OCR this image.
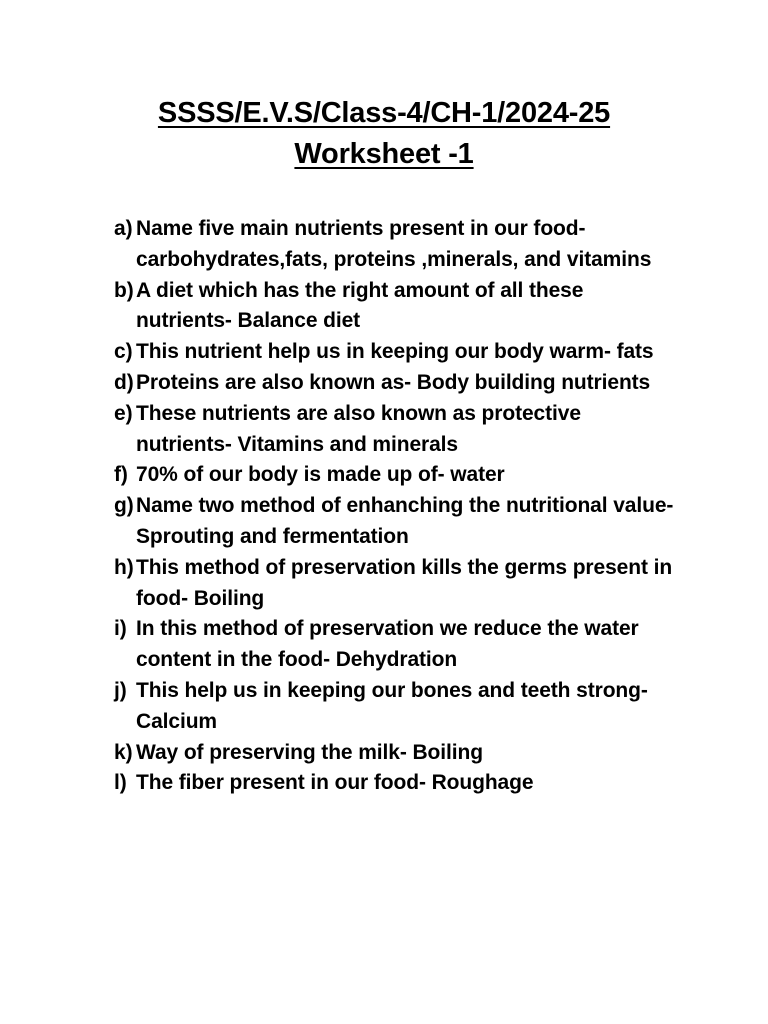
SSSS/E.V.S/Class-4/CH-1/2024-25
Worksheet -1
a) Name five main nutrients present in our food- carbohydrates,fats, proteins ,minerals, and vitamins
b) A diet which has the right amount of all these nutrients- Balance diet
c) This nutrient help us in keeping our body warm- fats
d) Proteins are also known as- Body building nutrients
e) These nutrients are also known as protective nutrients- Vitamins and minerals
f) 70% of our body is made up of- water
g) Name two method of enhanching the nutritional value- Sprouting and fermentation
h) This method of preservation kills the germs present in food- Boiling
i) In this method of preservation we reduce the water content in the food- Dehydration
j) This help us in keeping our bones and teeth strong- Calcium
k) Way of preserving the milk- Boiling
l) The fiber present in our food- Roughage
